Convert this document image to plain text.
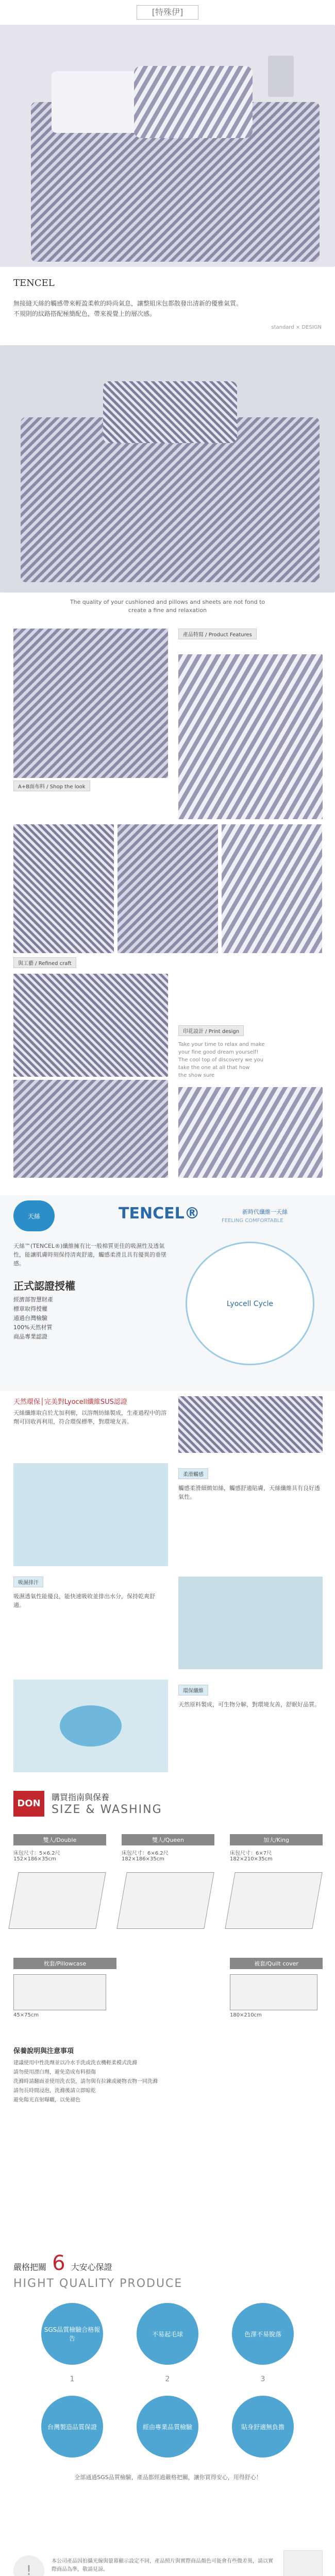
[特殊伊]
TENCEL
無接縫天絲的觸感帶來輕盈柔軟的時尚氣息，讓整組床包都散發出清新的優雅氣質。
不規則的紋路搭配極簡配色，帶來視覺上的層次感。
standard × DESIGN
The quality of your cushioned and pillows and sheets are not fond to
create a fine and relaxation
A+B面布料 / Shop the look
產品特寫 / Product Features
與工藝 / Refined craft
印花設計 / Print design
Take your time to relax and make
your fine good dream yourself!
The cool top of discovery we you
take the one at all that how
the show sure
天絲	TENCEL®	新時代纖維一天絲
FEELING COMFORTABLE
天絲™(TENCEL®)纖維擁有比一般棉質更佳的吸濕性及透氣性，能讓肌膚時刻保持清爽舒適，觸感柔滑且具有優異的垂墜感。
正式認證授權
經濟部智慧財產
標章取得授權
通過台灣檢驗
100%天然材質
商品專業認證
Lyocell Cycle
天然環保│完美對Lyocell纖維SUS認證
天絲纖維取自於尤加利樹，以溶劑紡絲製成，生產過程中的溶劑可回收再利用，符合環保標準，對環境友善。
柔滑觸感
觸感柔滑細緻如絲，觸感舒適貼膚，天絲纖維具有良好透氣性。
吸濕排汗
吸濕透氣性能優良，能快速吸收並排出水分，保持乾爽舒適。
環保纖維
天然原料製成，可生物分解，對環境友善，舒眠好品質。
DON
購買指南與保養
SIZE & WASHING
雙人/Double
床包尺寸：5×6.2尺
152×186×35cm
雙人/Queen
床包尺寸：6×6.2尺
182×186×35cm
加大/King
床包尺寸：6×7尺
182×210×35cm
枕套/Pillowcase
45×75cm
被套/Quilt cover
180×210cm
保養說明與注意事項
建議使用中性洗劑並以冷水手洗或洗衣機輕柔模式洗滌
請勿使用漂白劑，避免造成布料損傷
洗滌時請翻面並使用洗衣袋，請勿與有拉鍊或硬物衣物一同洗滌
請勿長時間浸泡，洗滌後請立即晾乾
避免陽光直射曝曬，以免褪色
嚴格把關 6 大安心保證
HIGHT QUALITY PRODUCE
SGS品質檢驗合格報告
不易起毛球	色澤不易脫落
1	2	3
台灣製造品質保證	經由專業品質檢驗	貼身舒適無負擔
全部通過SGS品質檢驗，產品都經過嚴格把關，讓你買得安心，用得舒心！
!
本公司產品因拍攝光線與螢幕顯示設定不同，產品照片與實際商品顏色可能會有些微差異，請以實際商品為準，敬請見諒。
